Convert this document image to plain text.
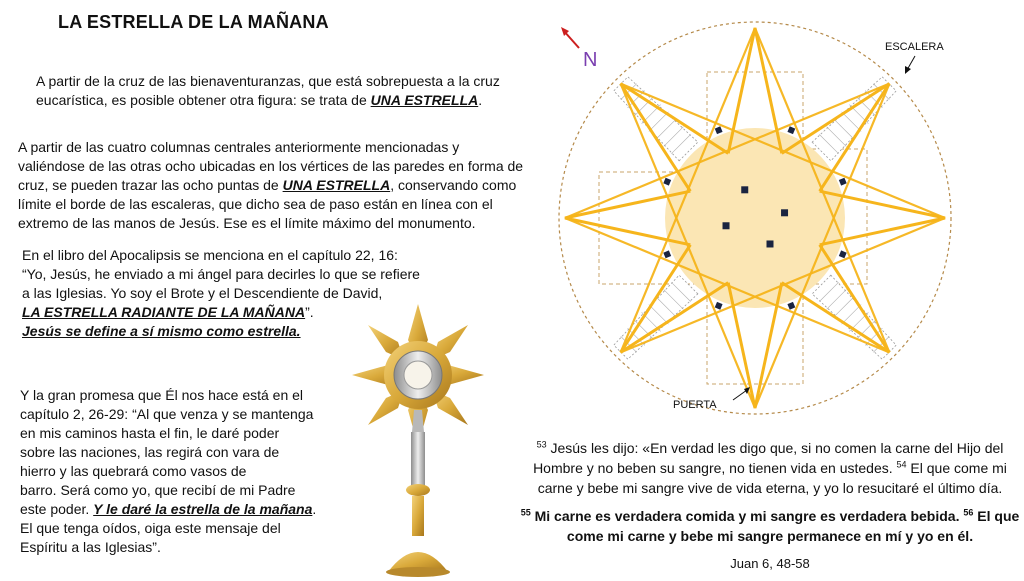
LA ESTRELLA DE LA MAÑANA
A partir de la cruz de las bienaventuranzas, que está sobrepuesta a la cruz
eucarística, es posible obtener otra figura: se trata de UNA ESTRELLA.
A partir de las cuatro columnas centrales anteriormente mencionadas y
valiéndose de las otras ocho ubicadas en los vértices de las paredes en forma de
cruz, se pueden trazar las ocho puntas de UNA ESTRELLA, conservando como
límite el borde de las escaleras, que dicho sea de paso están en línea con el
extremo de las manos de Jesús. Ese es el límite máximo del monumento.
En el libro del Apocalipsis se menciona en el capítulo 22, 16:
“Yo, Jesús, he enviado a mi ángel para decirles lo que se refiere
a las Iglesias. Yo soy el Brote y el Descendiente de David,
LA ESTRELLA RADIANTE DE LA MAÑANA”.
Jesús se define a sí mismo como estrella.
Y la gran promesa que Él nos hace está en el
capítulo 2, 26-29: “Al que venza y se mantenga
en mis caminos hasta el fin, le daré poder
sobre las naciones, las regirá con vara de
hierro y las quebrará como vasos de
barro. Será como yo, que recibí de mi Padre
este poder. Y le daré la estrella de la mañana.
El que tenga oídos, oiga este mensaje del
Espíritu a las Iglesias”.
N
ESCALERA
PUERTA
$^{53}$ Jesús les dijo: «En verdad les digo que, si no comen la carne del Hijo del
Hombre y no beben su sangre, no tienen vida en ustedes. $^{54}$ El que come mi
carne y bebe mi sangre vive de vida eterna, y yo lo resucitaré el último día.
$^{55}$ Mi carne es verdadera comida y mi sangre es verdadera bebida. $^{56}$ El que
come mi carne y bebe mi sangre permanece en mí y yo en él.
Juan 6, 48-58
